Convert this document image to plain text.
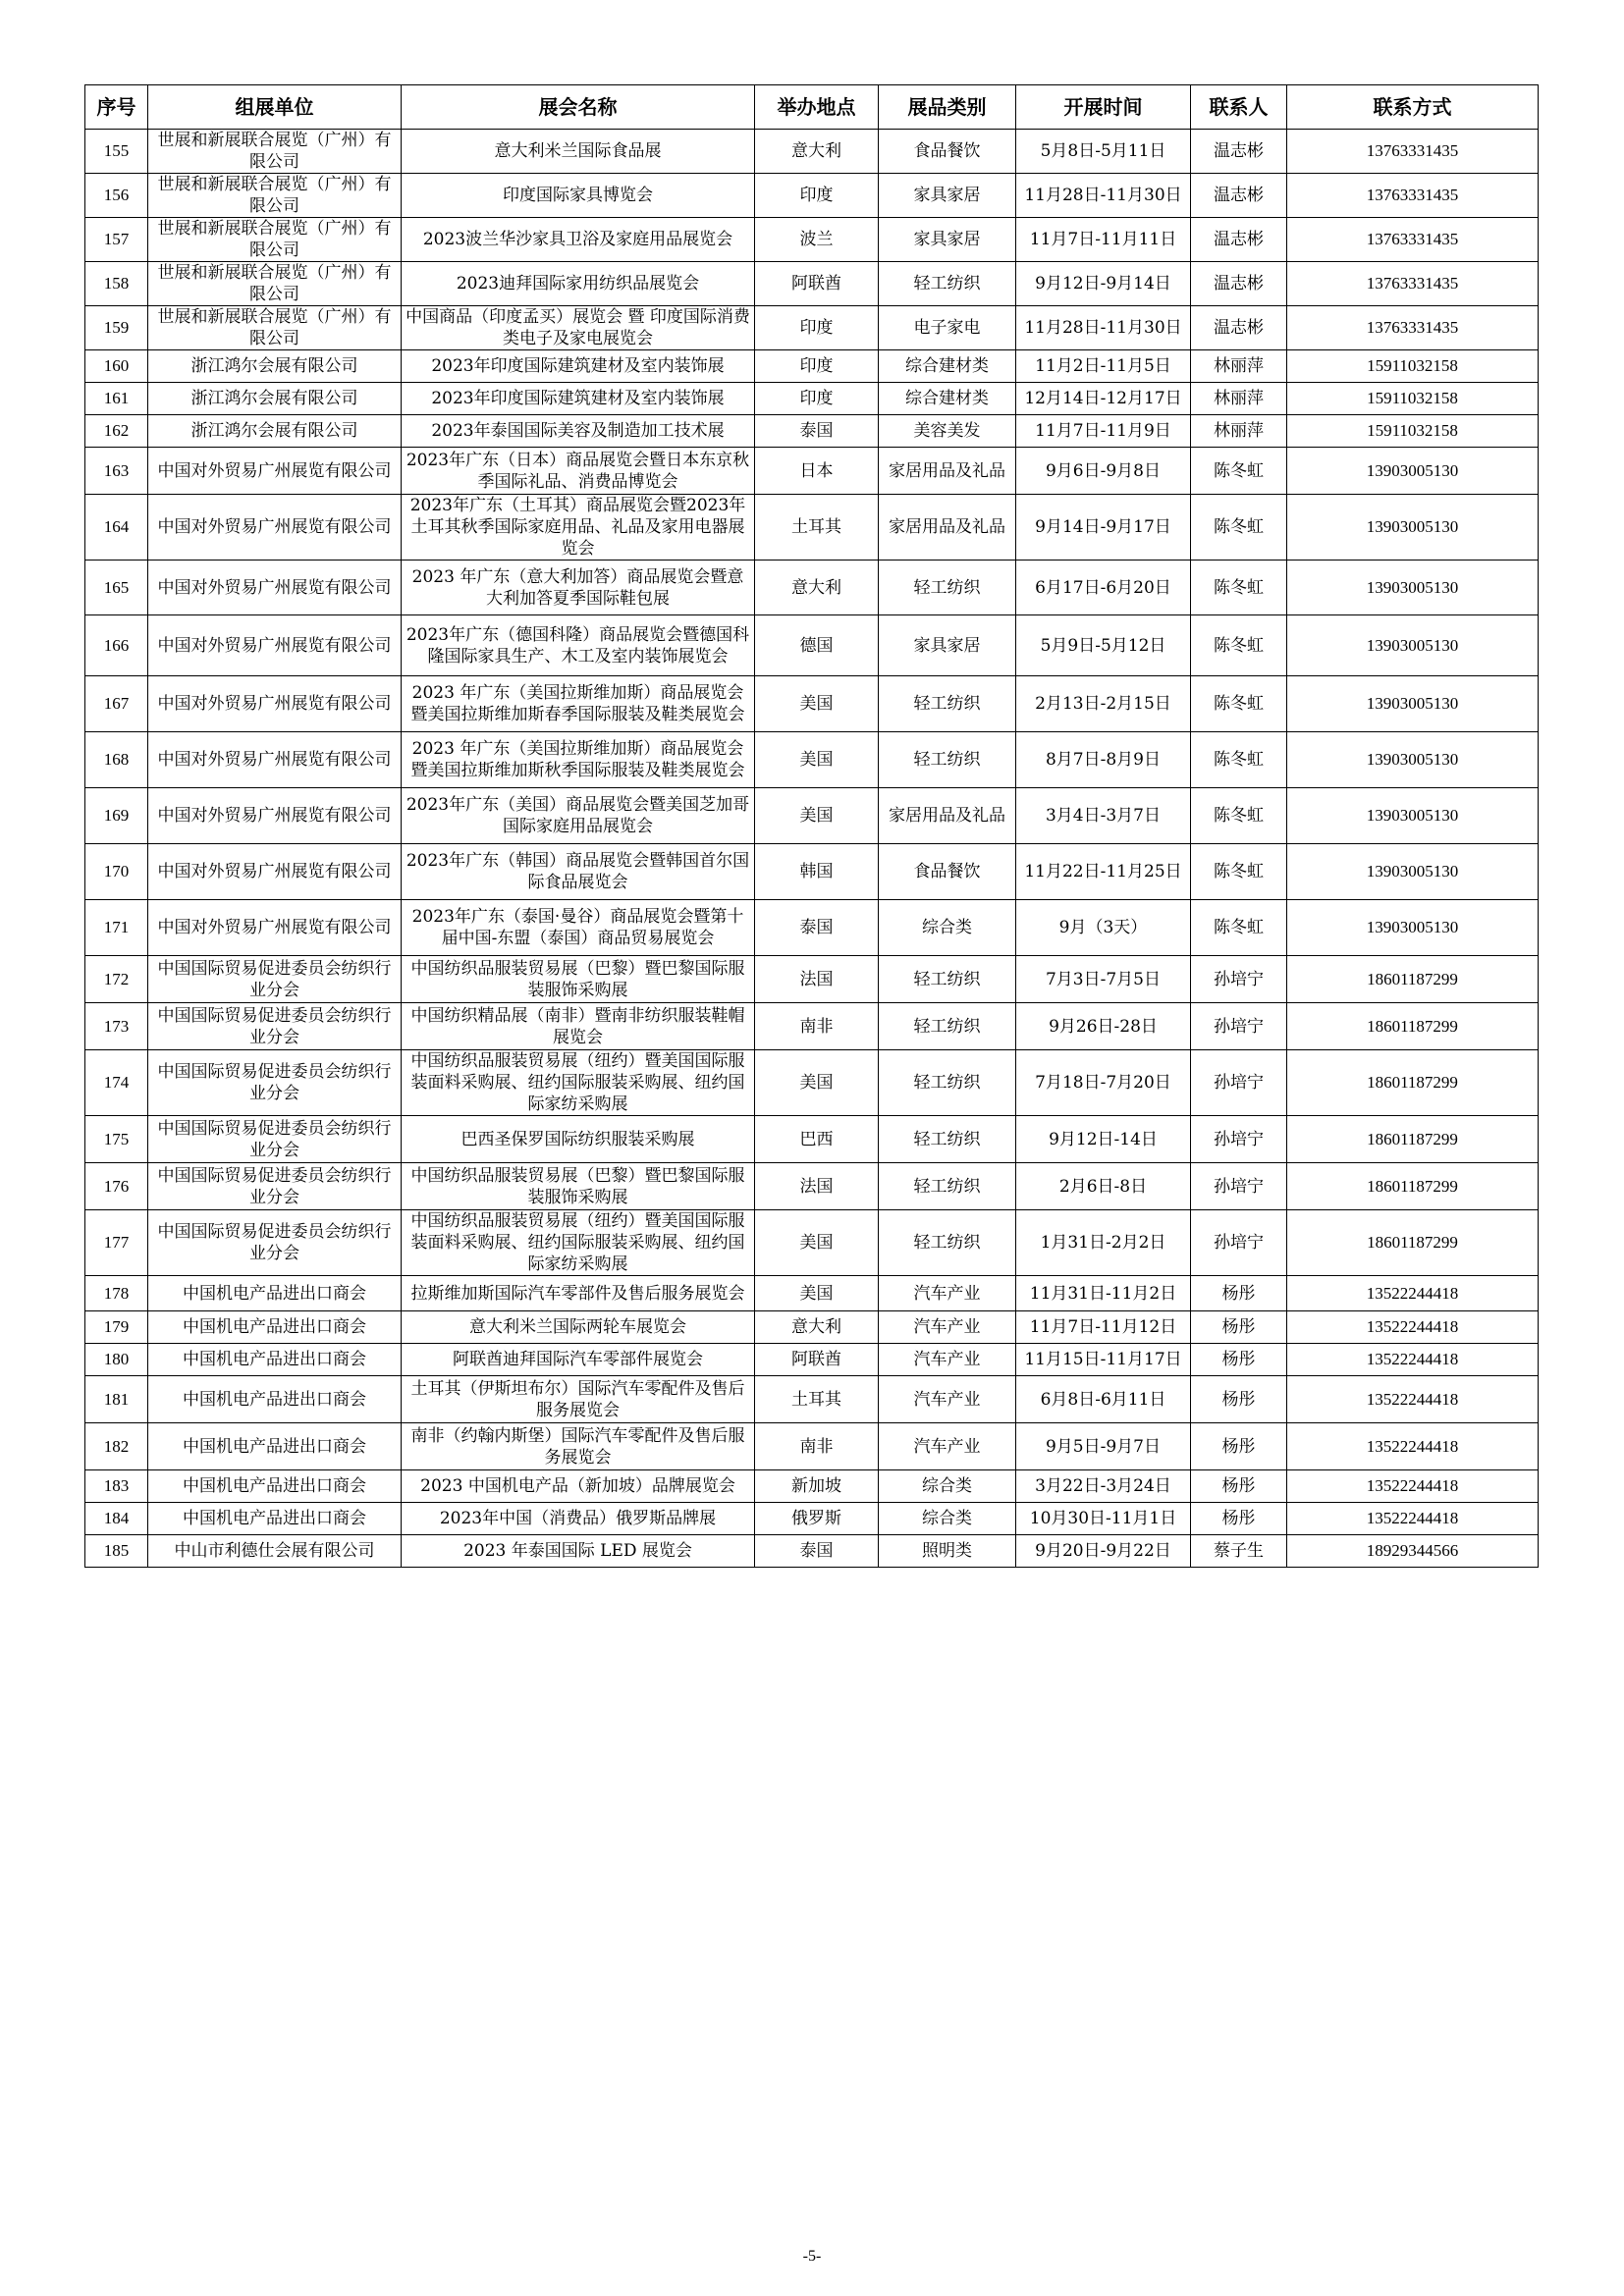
序号	组展单位	展会名称	举办地点	展品类别	开展时间	联系人	联系方式
155	世展和新展联合展览（广州）有限公司	意大利米兰国际食品展	意大利	食品餐饮	5月8日-5月11日	温志彬	13763331435
156	世展和新展联合展览（广州）有限公司	印度国际家具博览会	印度	家具家居	11月28日-11月30日	温志彬	13763331435
157	世展和新展联合展览（广州）有限公司	2023波兰华沙家具卫浴及家庭用品展览会	波兰	家具家居	11月7日-11月11日	温志彬	13763331435
158	世展和新展联合展览（广州）有限公司	2023迪拜国际家用纺织品展览会	阿联酋	轻工纺织	9月12日-9月14日	温志彬	13763331435
159	世展和新展联合展览（广州）有限公司	中国商品（印度孟买）展览会 暨 印度国际消费类电子及家电展览会	印度	电子家电	11月28日-11月30日	温志彬	13763331435
160	浙江鸿尔会展有限公司	2023年印度国际建筑建材及室内装饰展	印度	综合建材类	11月2日-11月5日	林丽萍	15911032158
161	浙江鸿尔会展有限公司	2023年印度国际建筑建材及室内装饰展	印度	综合建材类	12月14日-12月17日	林丽萍	15911032158
162	浙江鸿尔会展有限公司	2023年泰国国际美容及制造加工技术展	泰国	美容美发	11月7日-11月9日	林丽萍	15911032158
163	中国对外贸易广州展览有限公司	2023年广东（日本）商品展览会暨日本东京秋季国际礼品、消费品博览会	日本	家居用品及礼品	9月6日-9月8日	陈冬虹	13903005130
164	中国对外贸易广州展览有限公司	2023年广东（土耳其）商品展览会暨2023年土耳其秋季国际家庭用品、礼品及家用电器展览会	土耳其	家居用品及礼品	9月14日-9月17日	陈冬虹	13903005130
165	中国对外贸易广州展览有限公司	2023 年广东（意大利加答）商品展览会暨意大利加答夏季国际鞋包展	意大利	轻工纺织	6月17日-6月20日	陈冬虹	13903005130
166	中国对外贸易广州展览有限公司	2023年广东（德国科隆）商品展览会暨德国科隆国际家具生产、木工及室内装饰展览会	德国	家具家居	5月9日-5月12日	陈冬虹	13903005130
167	中国对外贸易广州展览有限公司	2023 年广东（美国拉斯维加斯）商品展览会暨美国拉斯维加斯春季国际服装及鞋类展览会	美国	轻工纺织	2月13日-2月15日	陈冬虹	13903005130
168	中国对外贸易广州展览有限公司	2023 年广东（美国拉斯维加斯）商品展览会暨美国拉斯维加斯秋季国际服装及鞋类展览会	美国	轻工纺织	8月7日-8月9日	陈冬虹	13903005130
169	中国对外贸易广州展览有限公司	2023年广东（美国）商品展览会暨美国芝加哥国际家庭用品展览会	美国	家居用品及礼品	3月4日-3月7日	陈冬虹	13903005130
170	中国对外贸易广州展览有限公司	2023年广东（韩国）商品展览会暨韩国首尔国际食品展览会	韩国	食品餐饮	11月22日-11月25日	陈冬虹	13903005130
171	中国对外贸易广州展览有限公司	2023年广东（泰国·曼谷）商品展览会暨第十届中国-东盟（泰国）商品贸易展览会	泰国	综合类	9月（3天）	陈冬虹	13903005130
172	中国国际贸易促进委员会纺织行业分会	中国纺织品服装贸易展（巴黎）暨巴黎国际服装服饰采购展	法国	轻工纺织	7月3日-7月5日	孙培宁	18601187299
173	中国国际贸易促进委员会纺织行业分会	中国纺织精品展（南非）暨南非纺织服装鞋帽展览会	南非	轻工纺织	9月26日-28日	孙培宁	18601187299
174	中国国际贸易促进委员会纺织行业分会	中国纺织品服装贸易展（纽约）暨美国国际服装面料采购展、纽约国际服装采购展、纽约国际家纺采购展	美国	轻工纺织	7月18日-7月20日	孙培宁	18601187299
175	中国国际贸易促进委员会纺织行业分会	巴西圣保罗国际纺织服装采购展	巴西	轻工纺织	9月12日-14日	孙培宁	18601187299
176	中国国际贸易促进委员会纺织行业分会	中国纺织品服装贸易展（巴黎）暨巴黎国际服装服饰采购展	法国	轻工纺织	2月6日-8日	孙培宁	18601187299
177	中国国际贸易促进委员会纺织行业分会	中国纺织品服装贸易展（纽约）暨美国国际服装面料采购展、纽约国际服装采购展、纽约国际家纺采购展	美国	轻工纺织	1月31日-2月2日	孙培宁	18601187299
178	中国机电产品进出口商会	拉斯维加斯国际汽车零部件及售后服务展览会	美国	汽车产业	11月31日-11月2日	杨彤	13522244418
179	中国机电产品进出口商会	意大利米兰国际两轮车展览会	意大利	汽车产业	11月7日-11月12日	杨彤	13522244418
180	中国机电产品进出口商会	阿联酋迪拜国际汽车零部件展览会	阿联酋	汽车产业	11月15日-11月17日	杨彤	13522244418
181	中国机电产品进出口商会	土耳其（伊斯坦布尔）国际汽车零配件及售后服务展览会	土耳其	汽车产业	6月8日-6月11日	杨彤	13522244418
182	中国机电产品进出口商会	南非（约翰内斯堡）国际汽车零配件及售后服务展览会	南非	汽车产业	9月5日-9月7日	杨彤	13522244418
183	中国机电产品进出口商会	2023 中国机电产品（新加坡）品牌展览会	新加坡	综合类	3月22日-3月24日	杨彤	13522244418
184	中国机电产品进出口商会	2023年中国（消费品）俄罗斯品牌展	俄罗斯	综合类	10月30日-11月1日	杨彤	13522244418
185	中山市利德仕会展有限公司	2023 年泰国国际 LED 展览会	泰国	照明类	9月20日-9月22日	蔡子生	18929344566
-5-
